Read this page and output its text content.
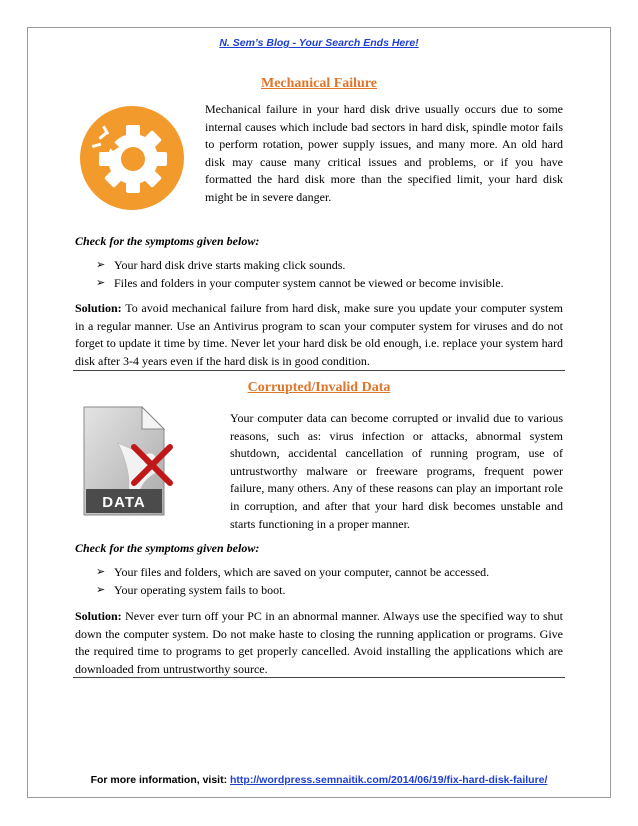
N. Sem’s Blog - Your Search Ends Here!
Mechanical Failure
Mechanical failure in your hard disk drive usually occurs due to some internal causes which include bad sectors in hard disk, spindle motor fails to perform rotation, power supply issues, and many more. An old hard disk may cause many critical issues and problems, or if you have formatted the hard disk more than the specified limit, your hard disk might be in severe danger.
Check for the symptoms given below:
➢ Your hard disk drive starts making click sounds.
➢ Files and folders in your computer system cannot be viewed or become invisible.
Solution: To avoid mechanical failure from hard disk, make sure you update your computer system in a regular manner. Use an Antivirus program to scan your computer system for viruses and do not forget to update it time by time. Never let your hard disk be old enough, i.e. replace your system hard disk after 3-4 years even if the hard disk is in good condition.
Corrupted/Invalid Data
DATA
Your computer data can become corrupted or invalid due to various reasons, such as: virus infection or attacks, abnormal system shutdown, accidental cancellation of running program, use of untrustworthy malware or freeware programs, frequent power failure, many others. Any of these reasons can play an important role in corruption, and after that your hard disk becomes unstable and starts functioning in a proper manner.
Check for the symptoms given below:
➢ Your files and folders, which are saved on your computer, cannot be accessed.
➢ Your operating system fails to boot.
Solution: Never ever turn off your PC in an abnormal manner. Always use the specified way to shut down the computer system. Do not make haste to closing the running application or programs. Give the required time to programs to get properly cancelled. Avoid installing the applications which are downloaded from untrustworthy source.
For more information, visit: http://wordpress.semnaitik.com/2014/06/19/fix-hard-disk-failure/
